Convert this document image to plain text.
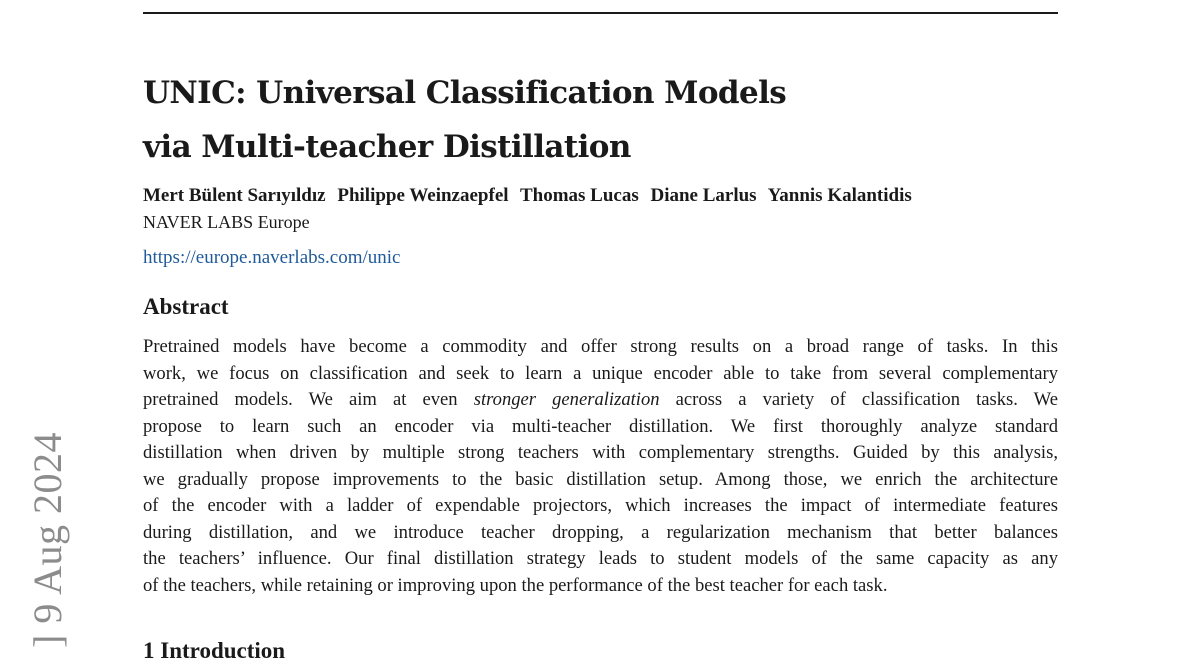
UNIC: Universal Classification Models
via Multi-teacher Distillation
Mert Bülent Sarıyıldız Philippe Weinzaepfel Thomas Lucas Diane Larlus Yannis Kalantidis
NAVER LABS Europe
https://europe.naverlabs.com/unic
Abstract

Pretrained models have become a commodity and offer strong results on a broad range of tasks. In this
work, we focus on classification and seek to learn a unique encoder able to take from several complementary
pretrained models. We aim at even stronger generalization across a variety of classification tasks. We
propose to learn such an encoder via multi-teacher distillation. We first thoroughly analyze standard
distillation when driven by multiple strong teachers with complementary strengths. Guided by this analysis,
we gradually propose improvements to the basic distillation setup. Among those, we enrich the architecture
of the encoder with a ladder of expendable projectors, which increases the impact of intermediate features
during distillation, and we introduce teacher dropping, a regularization mechanism that better balances
the teachers’ influence. Our final distillation strategy leads to student models of the same capacity as any
of the teachers, while retaining or improving upon the performance of the best teacher for each task.

1 Introduction
] 9 Aug 2024
